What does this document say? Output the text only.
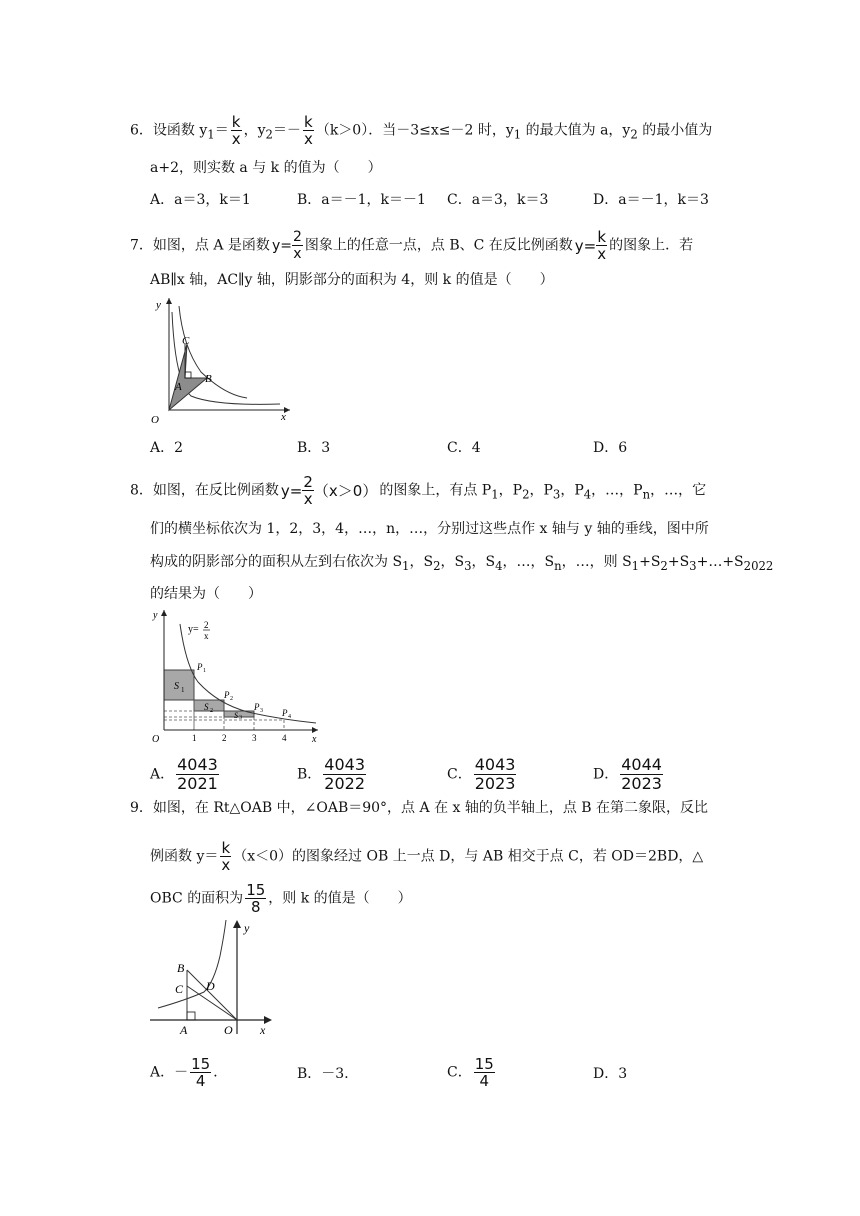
6．设函数 $y_1= \frac{k}{x}$ ，$y_2=- \frac{k}{x} (k>0)$．当－3≤x≤－2 时，$y_1$ 的最大值为 a，$y_2$ 的最小值为
a+2，则实数 a 与 k 的值为（　　）
A．a＝3，k＝1	B．a＝－1，k＝－1 C．a＝3，k＝3	D．a＝－1，k＝3
7．如图，点 A 是函数 $y= \frac{2}{x}$ 图象上的任意一点，点 B、C 在反比例函数 $y= \frac{k}{x}$ 的图象上．若
AB∥x 轴，AC∥y 轴，阴影部分的面积为 4，则 k 的值是（　　）
y
x
O
C
A
B
A．2	B．3	C．4	D．6
8．如图，在反比例函数 $y= \frac{2}{x} (x>0)$ 的图象上，有点 $P_1$，$P_2$，$P_3$，$P_4$，…，$P_n$，…，它
们的横坐标依次为 1，2，3，4，…，n，…，分别过这些点作 x 轴与 y 轴的垂线，图中所
构成的阴影部分的面积从左到右依次为 $S_1$，$S_2$，$S_3$，$S_4$，…，$S_n$，…，则 $S_1+S_2+S_3+\dots+S_{2022}$
的结果为（　　）
y
x
O
y= 2
x
S 1
S 2	S 3
P 1
P 2
P 3 P 4
1	2	3	4
A． $\frac{4043}{2021}$	B． $\frac{4043}{2022}$	C． $\frac{4043}{2023}$	D． $\frac{4044}{2023}$
9．如图，在 Rt△OAB 中，∠OAB＝90°，点 A 在 x 轴的负半轴上，点 B 在第二象限，反比
例函数 $y= \frac{k}{x} (x<0)$的图象经过 OB 上一点 D，与 AB 相交于点 C，若 OD＝2BD，△
OBC 的面积为 $\frac{15}{8}$ ，则 k 的值是（　　）
y
x
O
A
B
C D
A．－ $\frac{15}{4}$ ．	B．－3．	C． $\frac{15}{4}$	D．3
